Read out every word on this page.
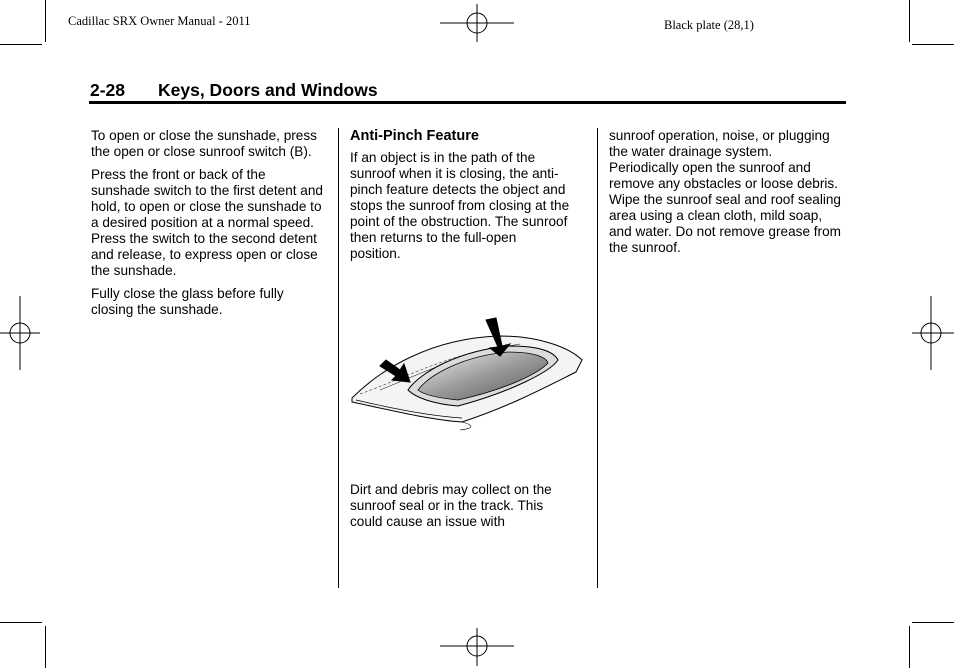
Cadillac SRX Owner Manual - 2011	Black plate (28,1)
2-28 Keys, Doors and Windows

To open or close the sunshade, press the open or close sunroof switch (B).

Press the front or back of the sunshade switch to the first detent and hold, to open or close the sunshade to a desired position at a normal speed. Press the switch to the second detent and release, to express open or close the sunshade.

Fully close the glass before fully closing the sunshade.

Anti-Pinch Feature

If an object is in the path of the sunroof when it is closing, the anti-pinch feature detects the object and stops the sunroof from closing at the point of the obstruction. The sunroof then returns to the full-open position.

Dirt and debris may collect on the sunroof seal or in the track. This could cause an issue with

sunroof operation, noise, or plugging the water drainage system. Periodically open the sunroof and remove any obstacles or loose debris. Wipe the sunroof seal and roof sealing area using a clean cloth, mild soap, and water. Do not remove grease from the sunroof.
